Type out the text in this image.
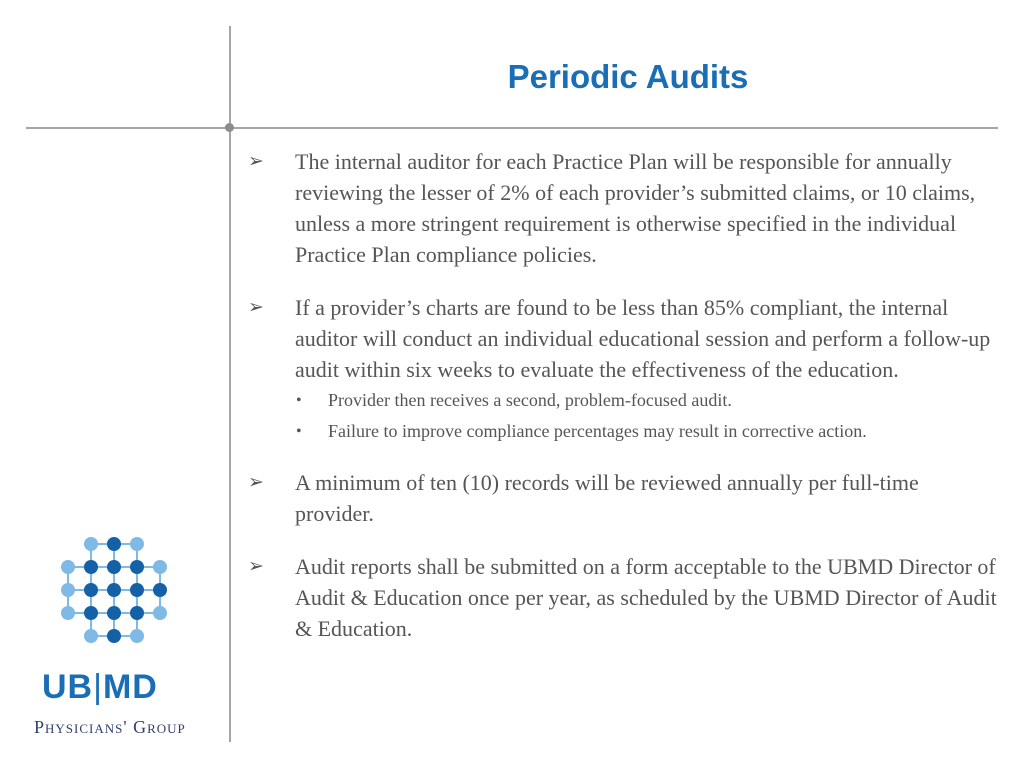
Periodic Audits
➢	The internal auditor for each Practice Plan will be responsible for annually reviewing the lesser of 2% of each provider’s submitted claims, or 10 claims, unless a more stringent requirement is otherwise specified in the individual Practice Plan compliance policies.
➢	If a provider’s charts are found to be less than 85% compliant, the internal auditor will conduct an individual educational session and perform a follow-up audit within six weeks to evaluate the effectiveness of the education.
•	Provider then receives a second, problem-focused audit.
•	Failure to improve compliance percentages may result in corrective action.
➢	A minimum of ten (10) records will be reviewed annually per full-time provider.
➢	Audit reports shall be submitted on a form acceptable to the UBMD Director of Audit & Education once per year, as scheduled by the UBMD Director of Audit & Education.
UB|MD
Physicians' Group
